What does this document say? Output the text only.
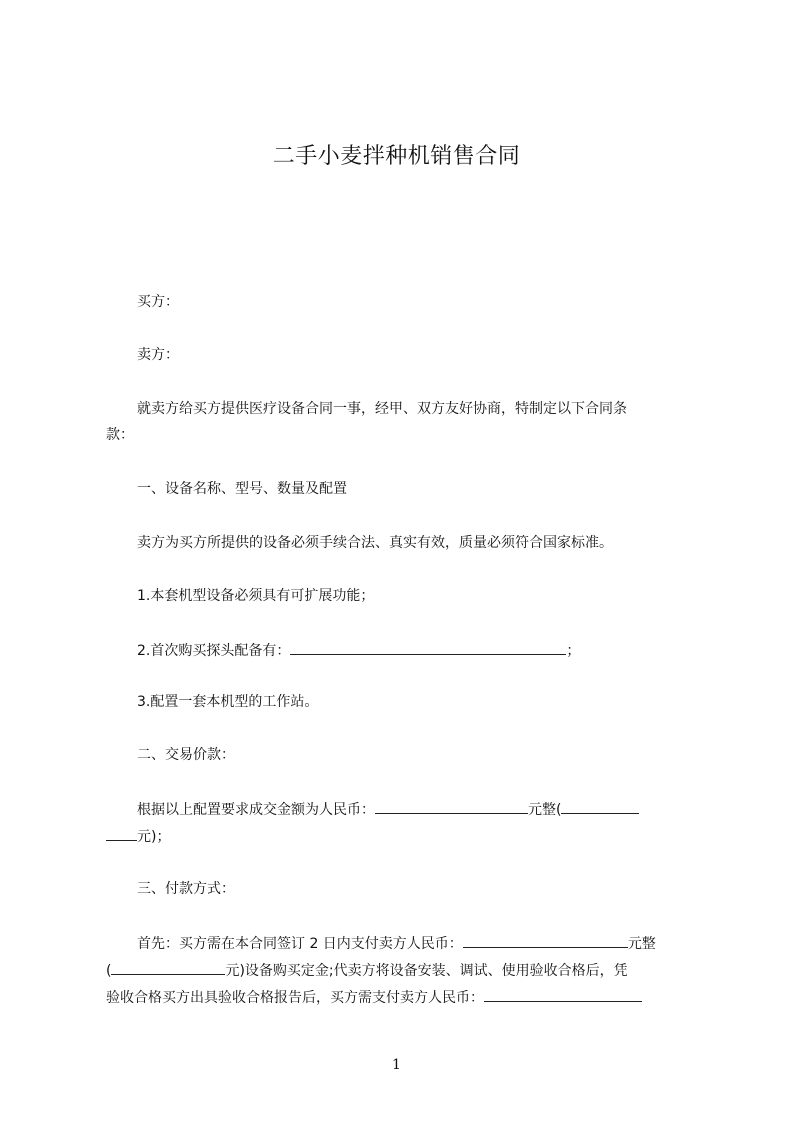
二手小麦拌种机销售合同
买方：
卖方：
就卖方给买方提供医疗设备合同一事，经甲、双方友好协商，特制定以下合同条
款：
一、设备名称、型号、数量及配置
卖方为买方所提供的设备必须手续合法、真实有效，质量必须符合国家标准。
1.本套机型设备必须具有可扩展功能；
2.首次购买探头配备有：	；
3.配置一套本机型的工作站。
二、交易价款：
根据以上配置要求成交金额为人民币：	元整(
元)；
三、付款方式：
首先：买方需在本合同签订 2 日内支付卖方人民币：	元整
(	元)设备购买定金;代卖方将设备安装、调试、使用验收合格后，凭
验收合格买方出具验收合格报告后，买方需支付卖方人民币：
1
